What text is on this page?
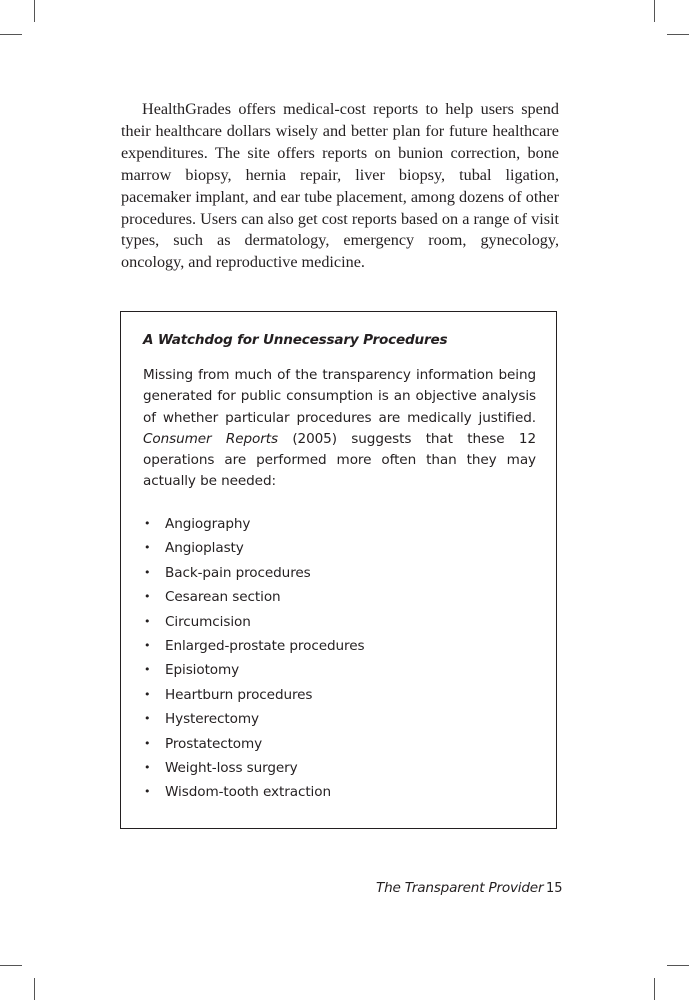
HealthGrades offers medical-cost reports to help users spend their healthcare dollars wisely and better plan for future healthcare expenditures. The site offers reports on bunion correction, bone marrow biopsy, hernia repair, liver biopsy, tubal ligation, pacemaker implant, and ear tube placement, among dozens of other procedures. Users can also get cost reports based on a range of visit types, such as dermatology, emergency room, gynecology, oncology, and reproductive medicine.

A Watchdog for Unnecessary Procedures

Missing from much of the transparency information being generated for public consumption is an objective analysis of whether particular procedures are medically justified. Consumer Reports (2005) suggests that these 12 operations are performed more often than they may actually be needed:

• Angiography
• Angioplasty
• Back-pain procedures
• Cesarean section
• Circumcision
• Enlarged-prostate procedures
• Episiotomy
• Heartburn procedures
• Hysterectomy
• Prostatectomy
• Weight-loss surgery
• Wisdom-tooth extraction
The Transparent Provider 15
